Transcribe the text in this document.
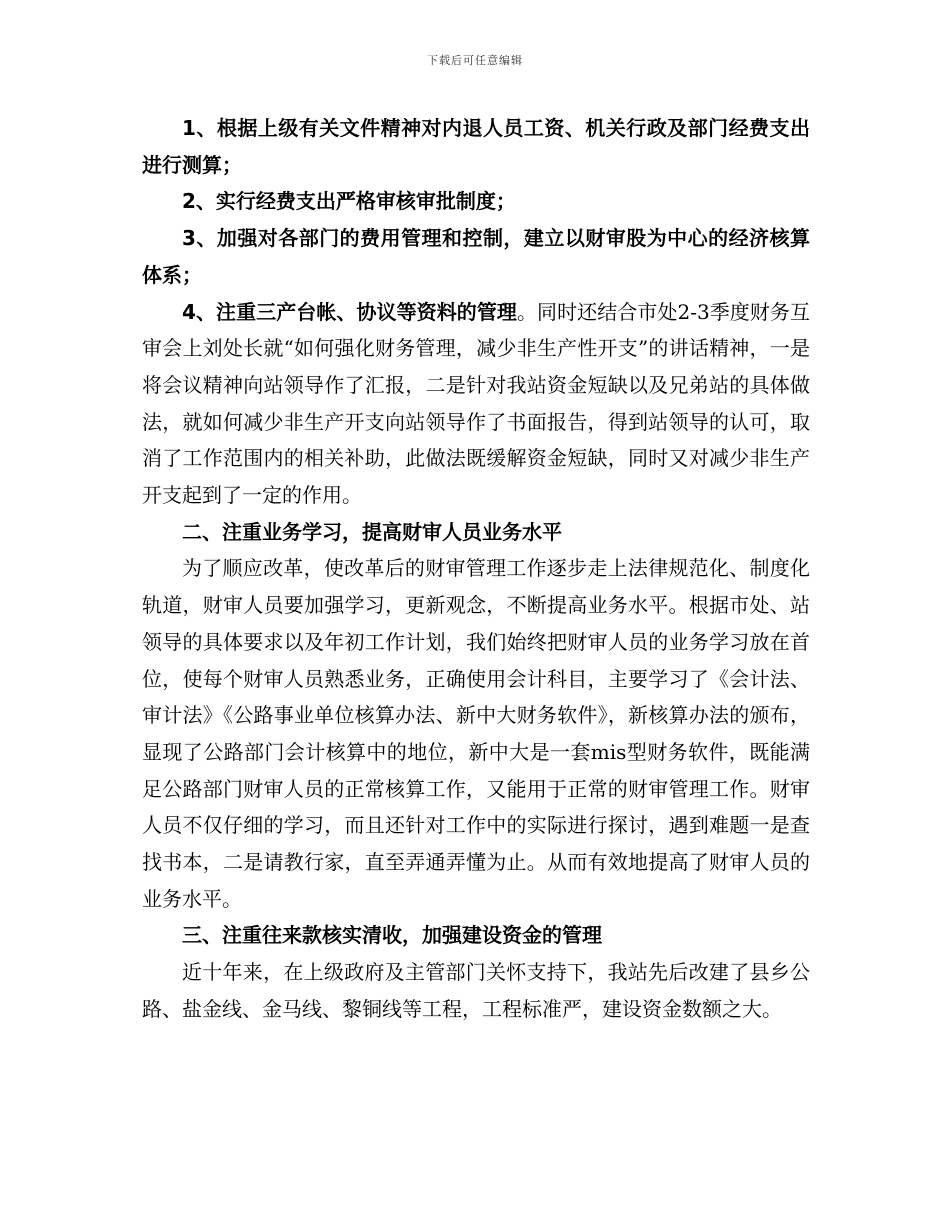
下载后可任意编辑

1、根据上级有关文件精神对内退人员工资、机关行政及部门经费支出进行测算；

2、实行经费支出严格审核审批制度；

3、加强对各部门的费用管理和控制，建立以财审股为中心的经济核算体系；

4、注重三产台帐、协议等资料的管理。同时还结合市处2-3季度财务互审会上刘处长就“如何强化财务管理，减少非生产性开支”的讲话精神，一是将会议精神向站领导作了汇报，二是针对我站资金短缺以及兄弟站的具体做法，就如何减少非生产开支向站领导作了书面报告，得到站领导的认可，取消了工作范围内的相关补助，此做法既缓解资金短缺，同时又对减少非生产开支起到了一定的作用。

二、注重业务学习，提高财审人员业务水平

为了顺应改革，使改革后的财审管理工作逐步走上法律规范化、制度化轨道，财审人员要加强学习，更新观念，不断提高业务水平。根据市处、站领导的具体要求以及年初工作计划，我们始终把财审人员的业务学习放在首位，使每个财审人员熟悉业务，正确使用会计科目，主要学习了《会计法、审计法》《公路事业单位核算办法、新中大财务软件》，新核算办法的颁布，显现了公路部门会计核算中的地位，新中大是一套mis型财务软件，既能满足公路部门财审人员的正常核算工作，又能用于正常的财审管理工作。财审人员不仅仔细的学习，而且还针对工作中的实际进行探讨，遇到难题一是查找书本，二是请教行家，直至弄通弄懂为止。从而有效地提高了财审人员的业务水平。

三、注重往来款核实清收，加强建设资金的管理

近十年来，在上级政府及主管部门关怀支持下，我站先后改建了县乡公路、盐金线、金马线、黎铜线等工程，工程标准严，建设资金数额之大。
